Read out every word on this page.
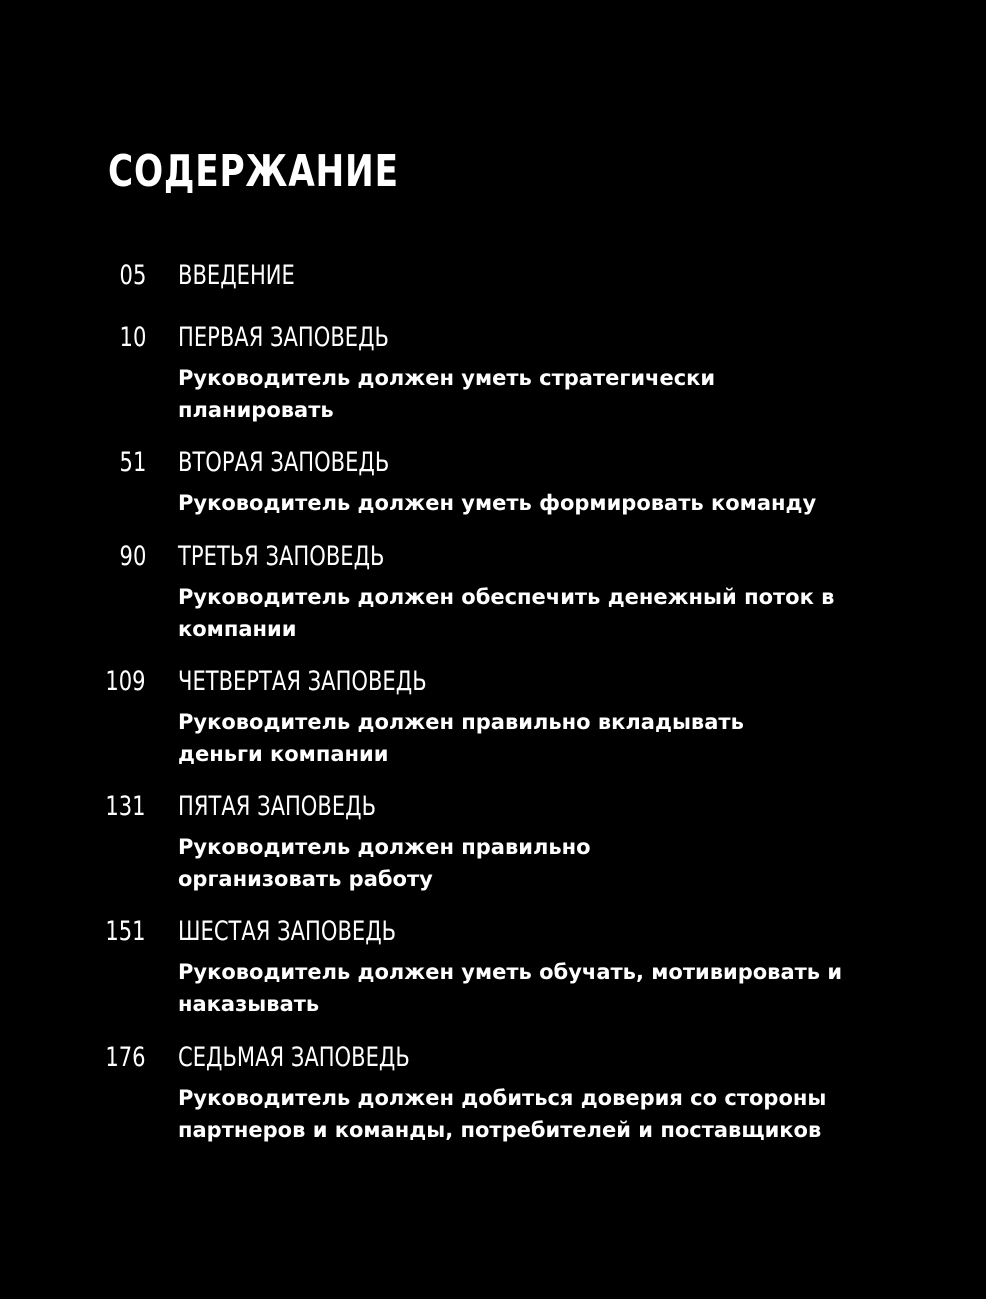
СОДЕРЖАНИЕ
05 ВВЕДЕНИЕ
10 ПЕРВАЯ ЗАПОВЕДЬ

Руководитель должен уметь стратегически планировать

51 ВТОРАЯ ЗАПОВЕДЬ

Руководитель должен уметь формировать команду

90 ТРЕТЬЯ ЗАПОВЕДЬ

Руководитель должен обеспечить денежный поток в компании

109 ЧЕТВЕРТАЯ ЗАПОВЕДЬ

Руководитель должен правильно вкладывать деньги компании

131 ПЯТАЯ ЗАПОВЕДЬ

Руководитель должен правильно организовать работу

151 ШЕСТАЯ ЗАПОВЕДЬ

Руководитель должен уметь обучать, мотивировать и наказывать

176 СЕДЬМАЯ ЗАПОВЕДЬ

Руководитель должен добиться доверия со стороны партнеров и команды, потребителей и поставщиков
